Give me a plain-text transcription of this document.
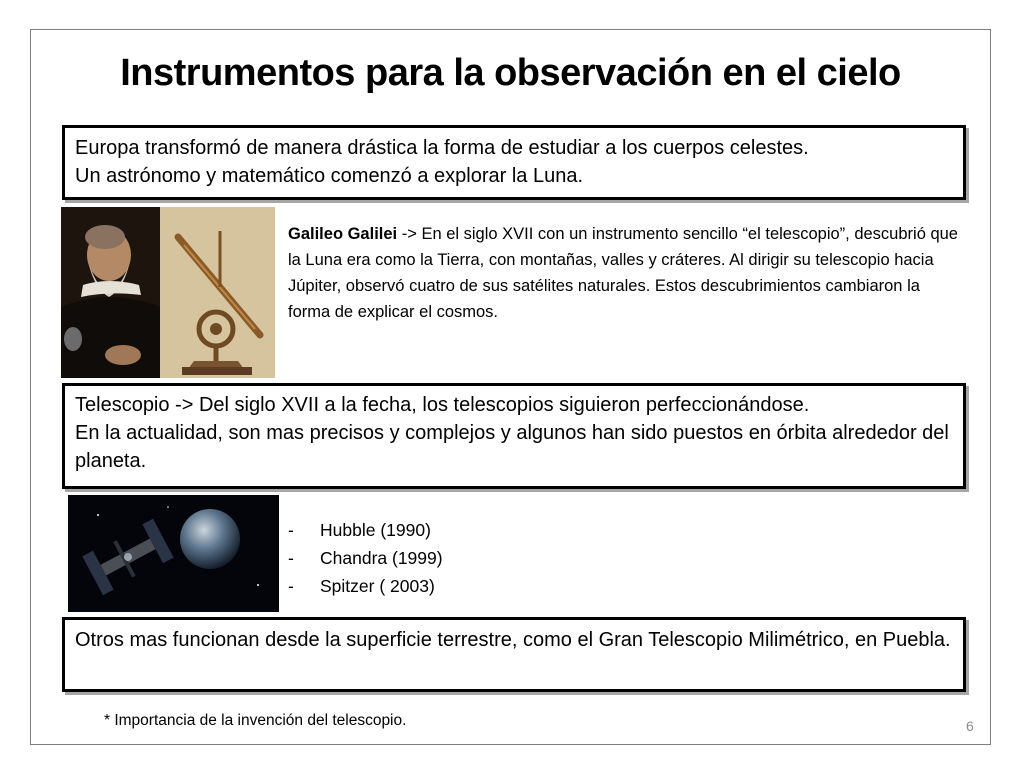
Instrumentos para la observación en el cielo

Europa transformó de manera drástica la forma de estudiar a los cuerpos celestes.

Un astrónomo y matemático comenzó a explorar la Luna.

Galileo Galilei -> En el siglo XVII con un instrumento sencillo “el telescopio”, descubrió que la Luna era como la Tierra, con montañas, valles y cráteres. Al dirigir su telescopio hacia Júpiter, observó cuatro de sus satélites naturales. Estos descubrimientos cambiaron la forma de explicar el cosmos.

Telescopio -> Del siglo XVII a la fecha, los telescopios siguieron perfeccionándose.

En la actualidad, son mas precisos y complejos y algunos han sido puestos en órbita alrededor del planeta.

-	Hubble (1990)
-	Chandra (1999)
-	Spitzer ( 2003)

Otros mas funcionan desde la superficie terrestre, como el Gran Telescopio Milimétrico, en Puebla.

* Importancia de la invención del telescopio.	6
